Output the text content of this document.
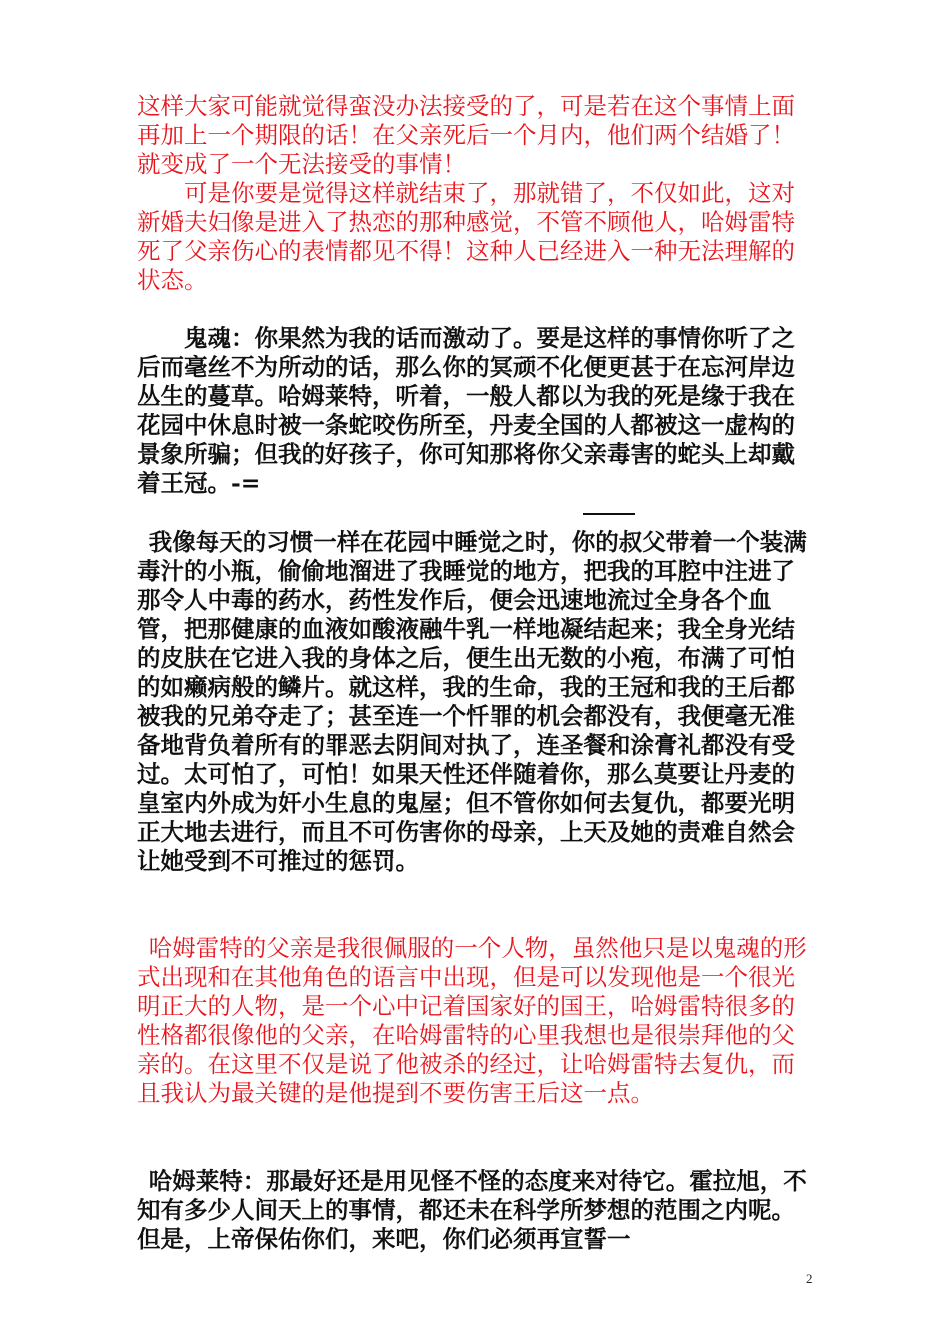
这样大家可能就觉得蛮没办法接受的了，可是若在这个事情上面再加上一个期限的话！在父亲死后一个月内，他们两个结婚了！就变成了一个无法接受的事情！

可是你要是觉得这样就结束了，那就错了，不仅如此，这对新婚夫妇像是进入了热恋的那种感觉，不管不顾他人，哈姆雷特死了父亲伤心的表情都见不得！这种人已经进入一种无法理解的状态。

鬼魂：你果然为我的话而激动了。要是这样的事情你听了之后而毫丝不为所动的话，那么你的冥顽不化便更甚于在忘河岸边丛生的蔓草。哈姆莱特，听着，一般人都以为我的死是缘于我在花园中休息时被一条蛇咬伤所至，丹麦全国的人都被这一虚构的景象所骗；但我的好孩子，你可知那将你父亲毒害的蛇头上却戴着王冠。-=

我像每天的习惯一样在花园中睡觉之时，你的叔父带着一个装满毒汁的小瓶，偷偷地溜进了我睡觉的地方，把我的耳腔中注进了那令人中毒的药水，药性发作后，便会迅速地流过全身各个血管，把那健康的血液如酸液融牛乳一样地凝结起来；我全身光结的皮肤在它进入我的身体之后，便生出无数的小疱，布满了可怕的如癞病般的鳞片。就这样，我的生命，我的王冠和我的王后都被我的兄弟夺走了；甚至连一个忏罪的机会都没有，我便毫无准备地背负着所有的罪恶去阴间对执了，连圣餐和涂膏礼都没有受过。太可怕了，可怕！如果天性还伴随着你，那么莫要让丹麦的皇室内外成为奸小生息的鬼屋；但不管你如何去复仇，都要光明正大地去进行，而且不可伤害你的母亲，上天及她的责难自然会让她受到不可推过的惩罚。

哈姆雷特的父亲是我很佩服的一个人物，虽然他只是以鬼魂的形式出现和在其他角色的语言中出现，但是可以发现他是一个很光明正大的人物，是一个心中记着国家好的国王，哈姆雷特很多的性格都很像他的父亲，在哈姆雷特的心里我想也是很崇拜他的父亲的。在这里不仅是说了他被杀的经过，让哈姆雷特去复仇，而且我认为最关键的是他提到不要伤害王后这一点。

哈姆莱特：那最好还是用见怪不怪的态度来对待它。霍拉旭，不知有多少人间天上的事情，都还未在科学所梦想的范围之内呢。但是，上帝保佑你们，来吧，你们必须再宣誓一

2
